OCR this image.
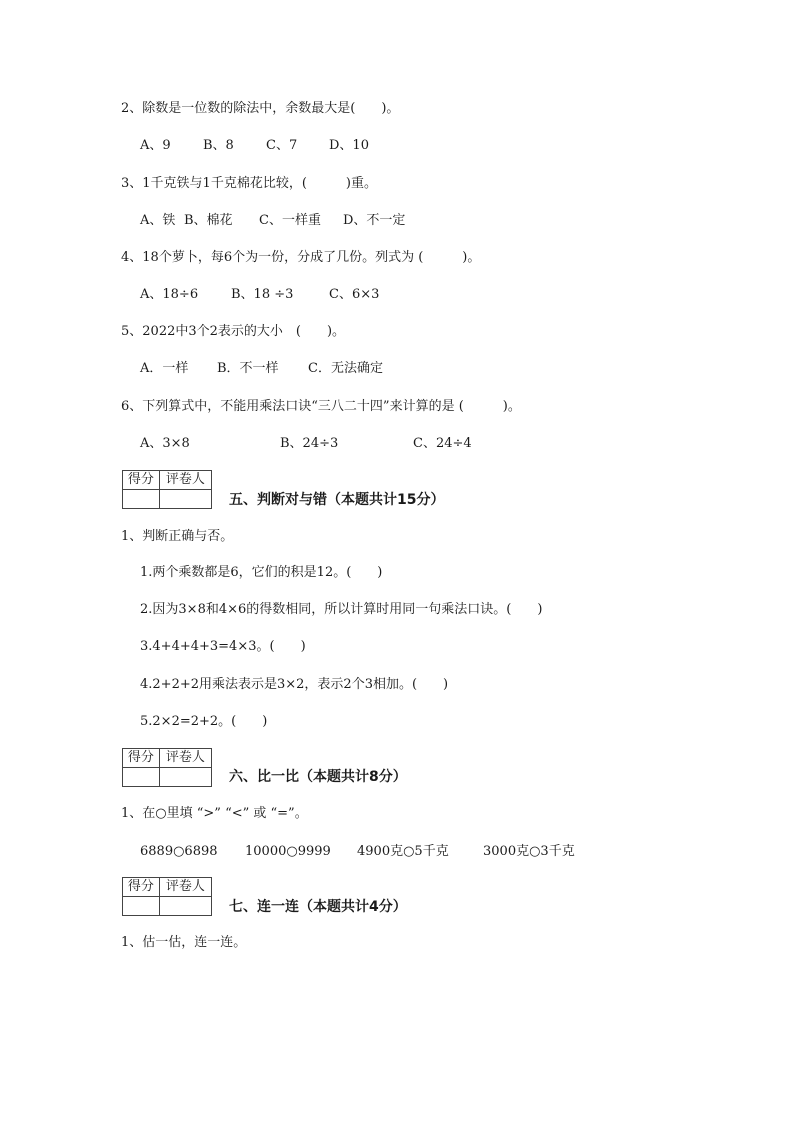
2、除数是一位数的除法中，余数最大是(　　)。

A、9

B、8

C、7

D、10

3、1千克铁与1千克棉花比较，(　　　)重。

A、铁

B、棉花

C、一样重

D、不一定

4、18个萝卜，每6个为一份，分成了几份。列式为 (　　　)。

A、18÷6

	B、18 ÷3

	C、6×3

5、2022中3个2表示的大小　(　　)。

A．一样

B．不一样

C．无法确定

6、下列算式中，不能用乘法口诀“三八二十四”来计算的是 (　　　)。

A、3×8

	B、24÷3

	C、24÷4

得分	评卷人

五、判断对与错（本题共计15分）
1、判断正确与否。
1.两个乘数都是6，它们的积是12。(　　)
2.因为3×8和4×6的得数相同，所以计算时用同一句乘法口诀。(　　)
3.4+4+4+3=4×3。(　　)
4.2+2+2用乘法表示是3×2，表示2个3相加。(　　)
5.2×2=2+2。(　　)
得分	评卷人

六、比一比（本题共计8分）
1、在○里填 “>” “<” 或 “=”。

6889○6898

10000○9999

4900克○5千克

	3000克○3千克

得分	评卷人

七、连一连（本题共计4分）
1、估一估，连一连。
